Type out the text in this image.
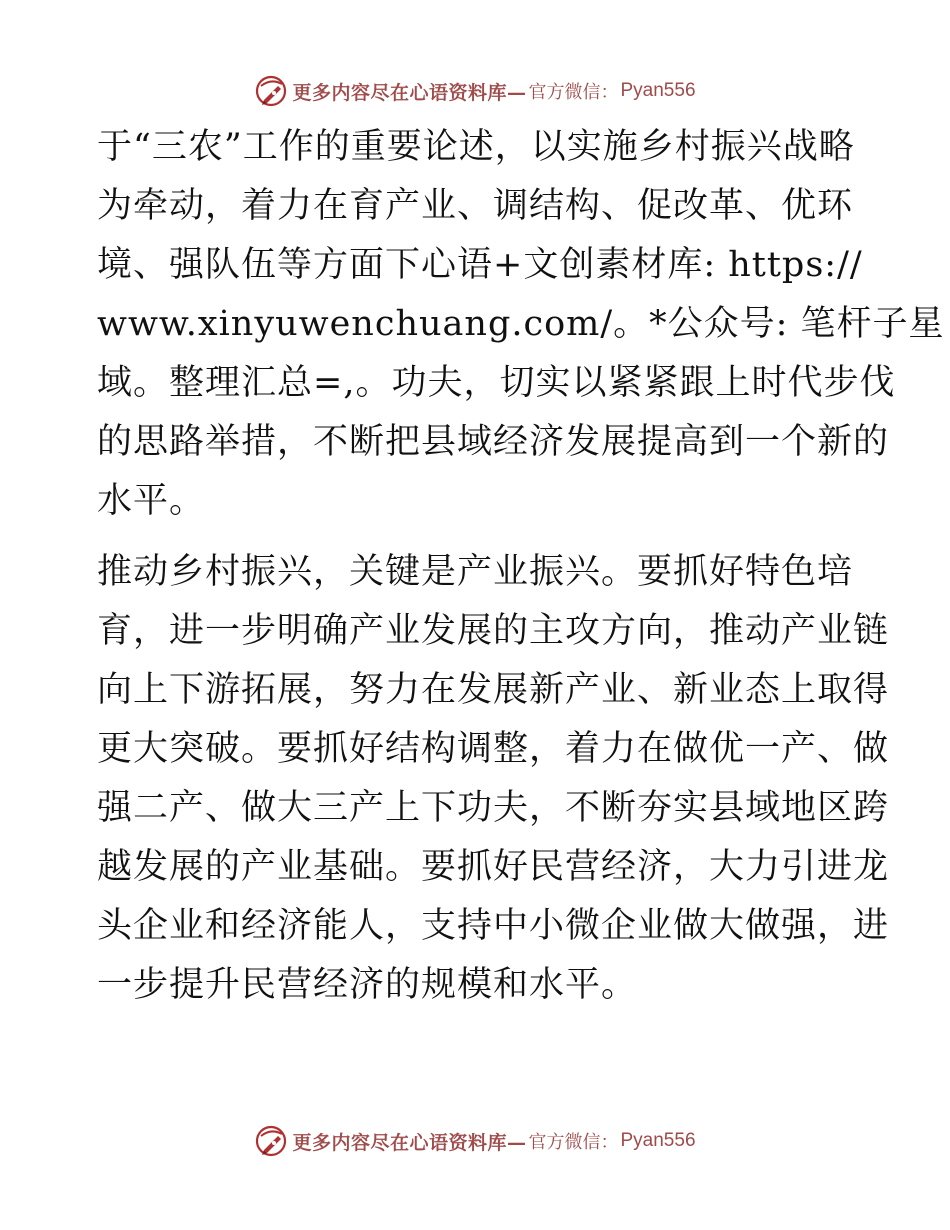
更多内容尽在心语资料库— 官方微信： Pyan556
于“三农”工作的重要论述，以实施乡村振兴战略
为牵动，着力在育产业、调结构、促改革、优环
境、强队伍等方面下心语+文创素材库: https://
www.xinyuwenchuang.com/。*公众号: 笔杆子星
域。整理汇总=,。功夫，切实以紧紧跟上时代步伐
的思路举措，不断把县域经济发展提高到一个新的
水平。
推动乡村振兴，关键是产业振兴。要抓好特色培
育，进一步明确产业发展的主攻方向，推动产业链
向上下游拓展，努力在发展新产业、新业态上取得
更大突破。要抓好结构调整，着力在做优一产、做
强二产、做大三产上下功夫，不断夯实县域地区跨
越发展的产业基础。要抓好民营经济，大力引进龙
头企业和经济能人，支持中小微企业做大做强，进
一步提升民营经济的规模和水平。
更多内容尽在心语资料库— 官方微信： Pyan556
